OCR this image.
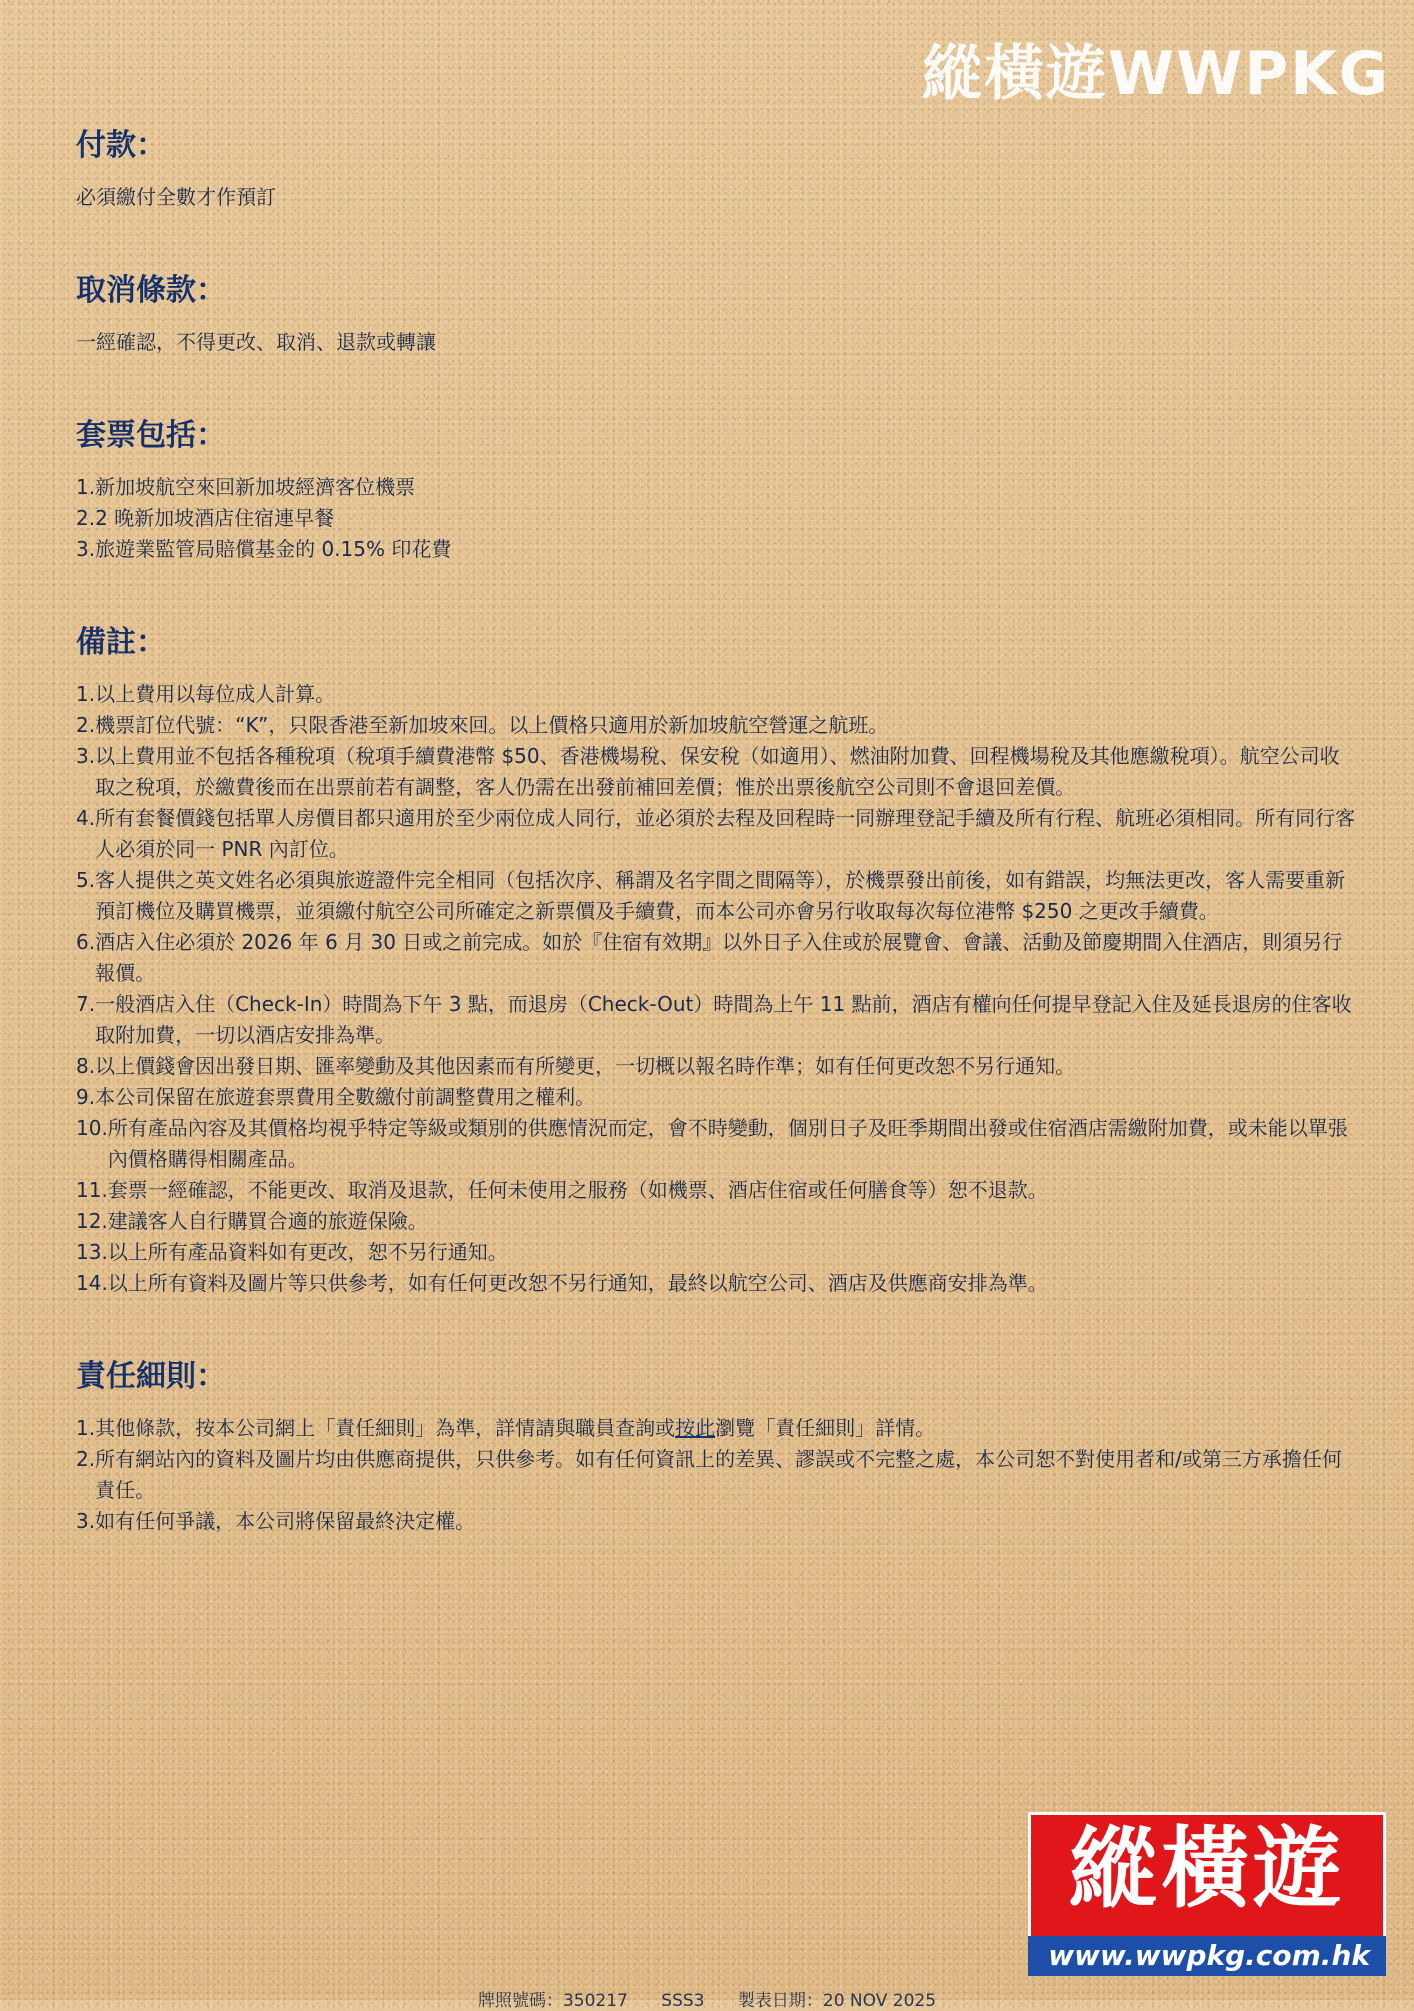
縱橫遊WWPKG
付款：
必須繳付全數才作預訂
取消條款：
一經確認，不得更改、取消、退款或轉讓
套票包括：
1. 新加坡航空來回新加坡經濟客位機票
2. 2 晚新加坡酒店住宿連早餐
3. 旅遊業監管局賠償基金的 0.15% 印花費
備註：
1. 以上費用以每位成人計算。
2. 機票訂位代號：“K”，只限香港至新加坡來回。以上價格只適用於新加坡航空營運之航班。
3. 以上費用並不包括各種稅項（稅項手續費港幣 $50、香港機場稅、保安稅（如適用）、燃油附加費、回程機場稅及其他應繳稅項）。航空公司收取之稅項，於繳費後而在出票前若有調整，客人仍需在出發前補回差價；惟於出票後航空公司則不會退回差價。
4. 所有套餐價錢包括單人房價目都只適用於至少兩位成人同行，並必須於去程及回程時一同辦理登記手續及所有行程、航班必須相同。所有同行客人必須於同一 PNR 內訂位。
5. 客人提供之英文姓名必須與旅遊證件完全相同（包括次序、稱謂及名字間之間隔等），於機票發出前後，如有錯誤，均無法更改，客人需要重新預訂機位及購買機票，並須繳付航空公司所確定之新票價及手續費，而本公司亦會另行收取每次每位港幣 $250 之更改手續費。
6. 酒店入住必須於 2026 年 6 月 30 日或之前完成。如於『住宿有效期』以外日子入住或於展覽會、會議、活動及節慶期間入住酒店，則須另行報價。
7. 一般酒店入住（Check-In）時間為下午 3 點，而退房（Check-Out）時間為上午 11 點前，酒店有權向任何提早登記入住及延長退房的住客收取附加費，一切以酒店安排為準。
8. 以上價錢會因出發日期、匯率變動及其他因素而有所變更，一切概以報名時作準；如有任何更改恕不另行通知。
9. 本公司保留在旅遊套票費用全數繳付前調整費用之權利。
10. 所有產品內容及其價格均視乎特定等級或類別的供應情況而定，會不時變動，個別日子及旺季期間出發或住宿酒店需繳附加費，或未能以單張內價格購得相關產品。
11. 套票一經確認，不能更改、取消及退款，任何未使用之服務（如機票、酒店住宿或任何膳食等）恕不退款。
12. 建議客人自行購買合適的旅遊保險。
13. 以上所有產品資料如有更改，恕不另行通知。
14. 以上所有資料及圖片等只供參考，如有任何更改恕不另行通知，最終以航空公司、酒店及供應商安排為準。
責任細則：
1. 其他條款，按本公司網上「責任細則」為準，詳情請與職員查詢或按此瀏覽「責任細則」詳情。
2. 所有網站內的資料及圖片均由供應商提供，只供參考。如有任何資訊上的差異、謬誤或不完整之處，本公司恕不對使用者和/或第三方承擔任何責任。
3. 如有任何爭議，本公司將保留最終決定權。
縱橫遊
www.wwpkg.com.hk
牌照號碼：350217 SSS3 製表日期：20 NOV 2025
